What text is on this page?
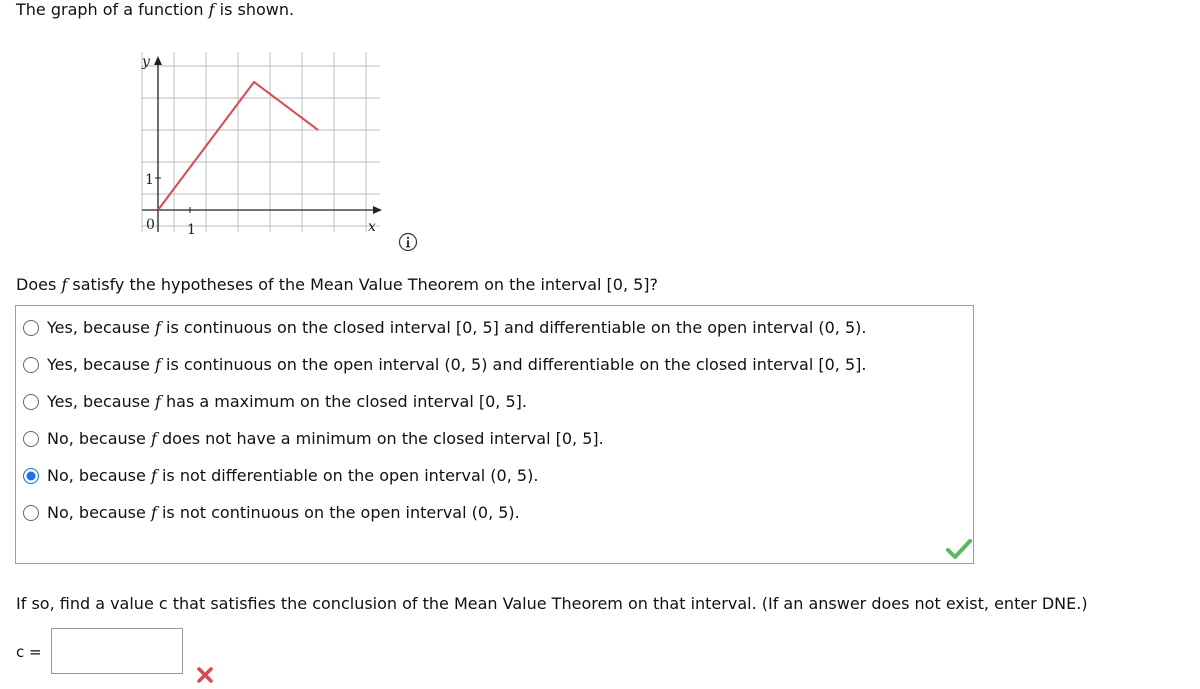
The graph of a function f is shown.
y
x
0 1
1
Does f satisfy the hypotheses of the Mean Value Theorem on the interval [0, 5]?
Yes, because f is continuous on the closed interval [0, 5] and differentiable on the open interval (0, 5).
Yes, because f is continuous on the open interval (0, 5) and differentiable on the closed interval [0, 5].
Yes, because f has a maximum on the closed interval [0, 5].
No, because f does not have a minimum on the closed interval [0, 5].
No, because f is not differentiable on the open interval (0, 5).
No, because f is not continuous on the open interval (0, 5).
If so, find a value c that satisfies the conclusion of the Mean Value Theorem on that interval. (If an answer does not exist, enter DNE.)
c =
